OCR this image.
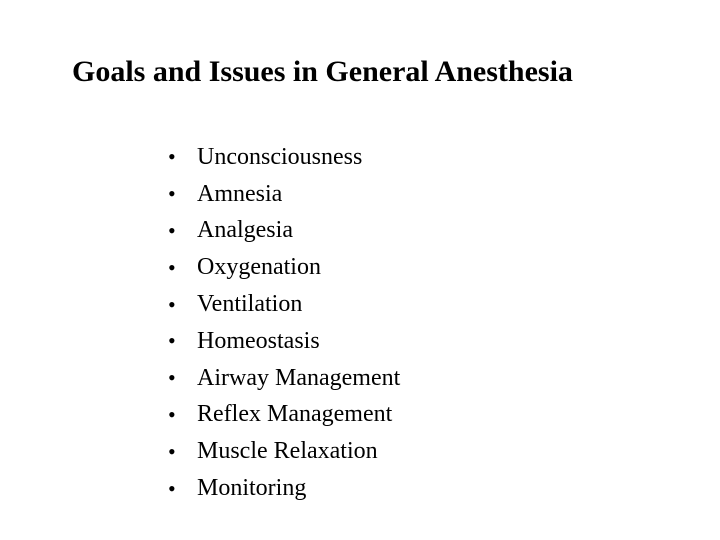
Goals and Issues in General Anesthesia
• Unconsciousness
• Amnesia
• Analgesia
• Oxygenation
• Ventilation
• Homeostasis
• Airway Management
• Reflex Management
• Muscle Relaxation
• Monitoring
